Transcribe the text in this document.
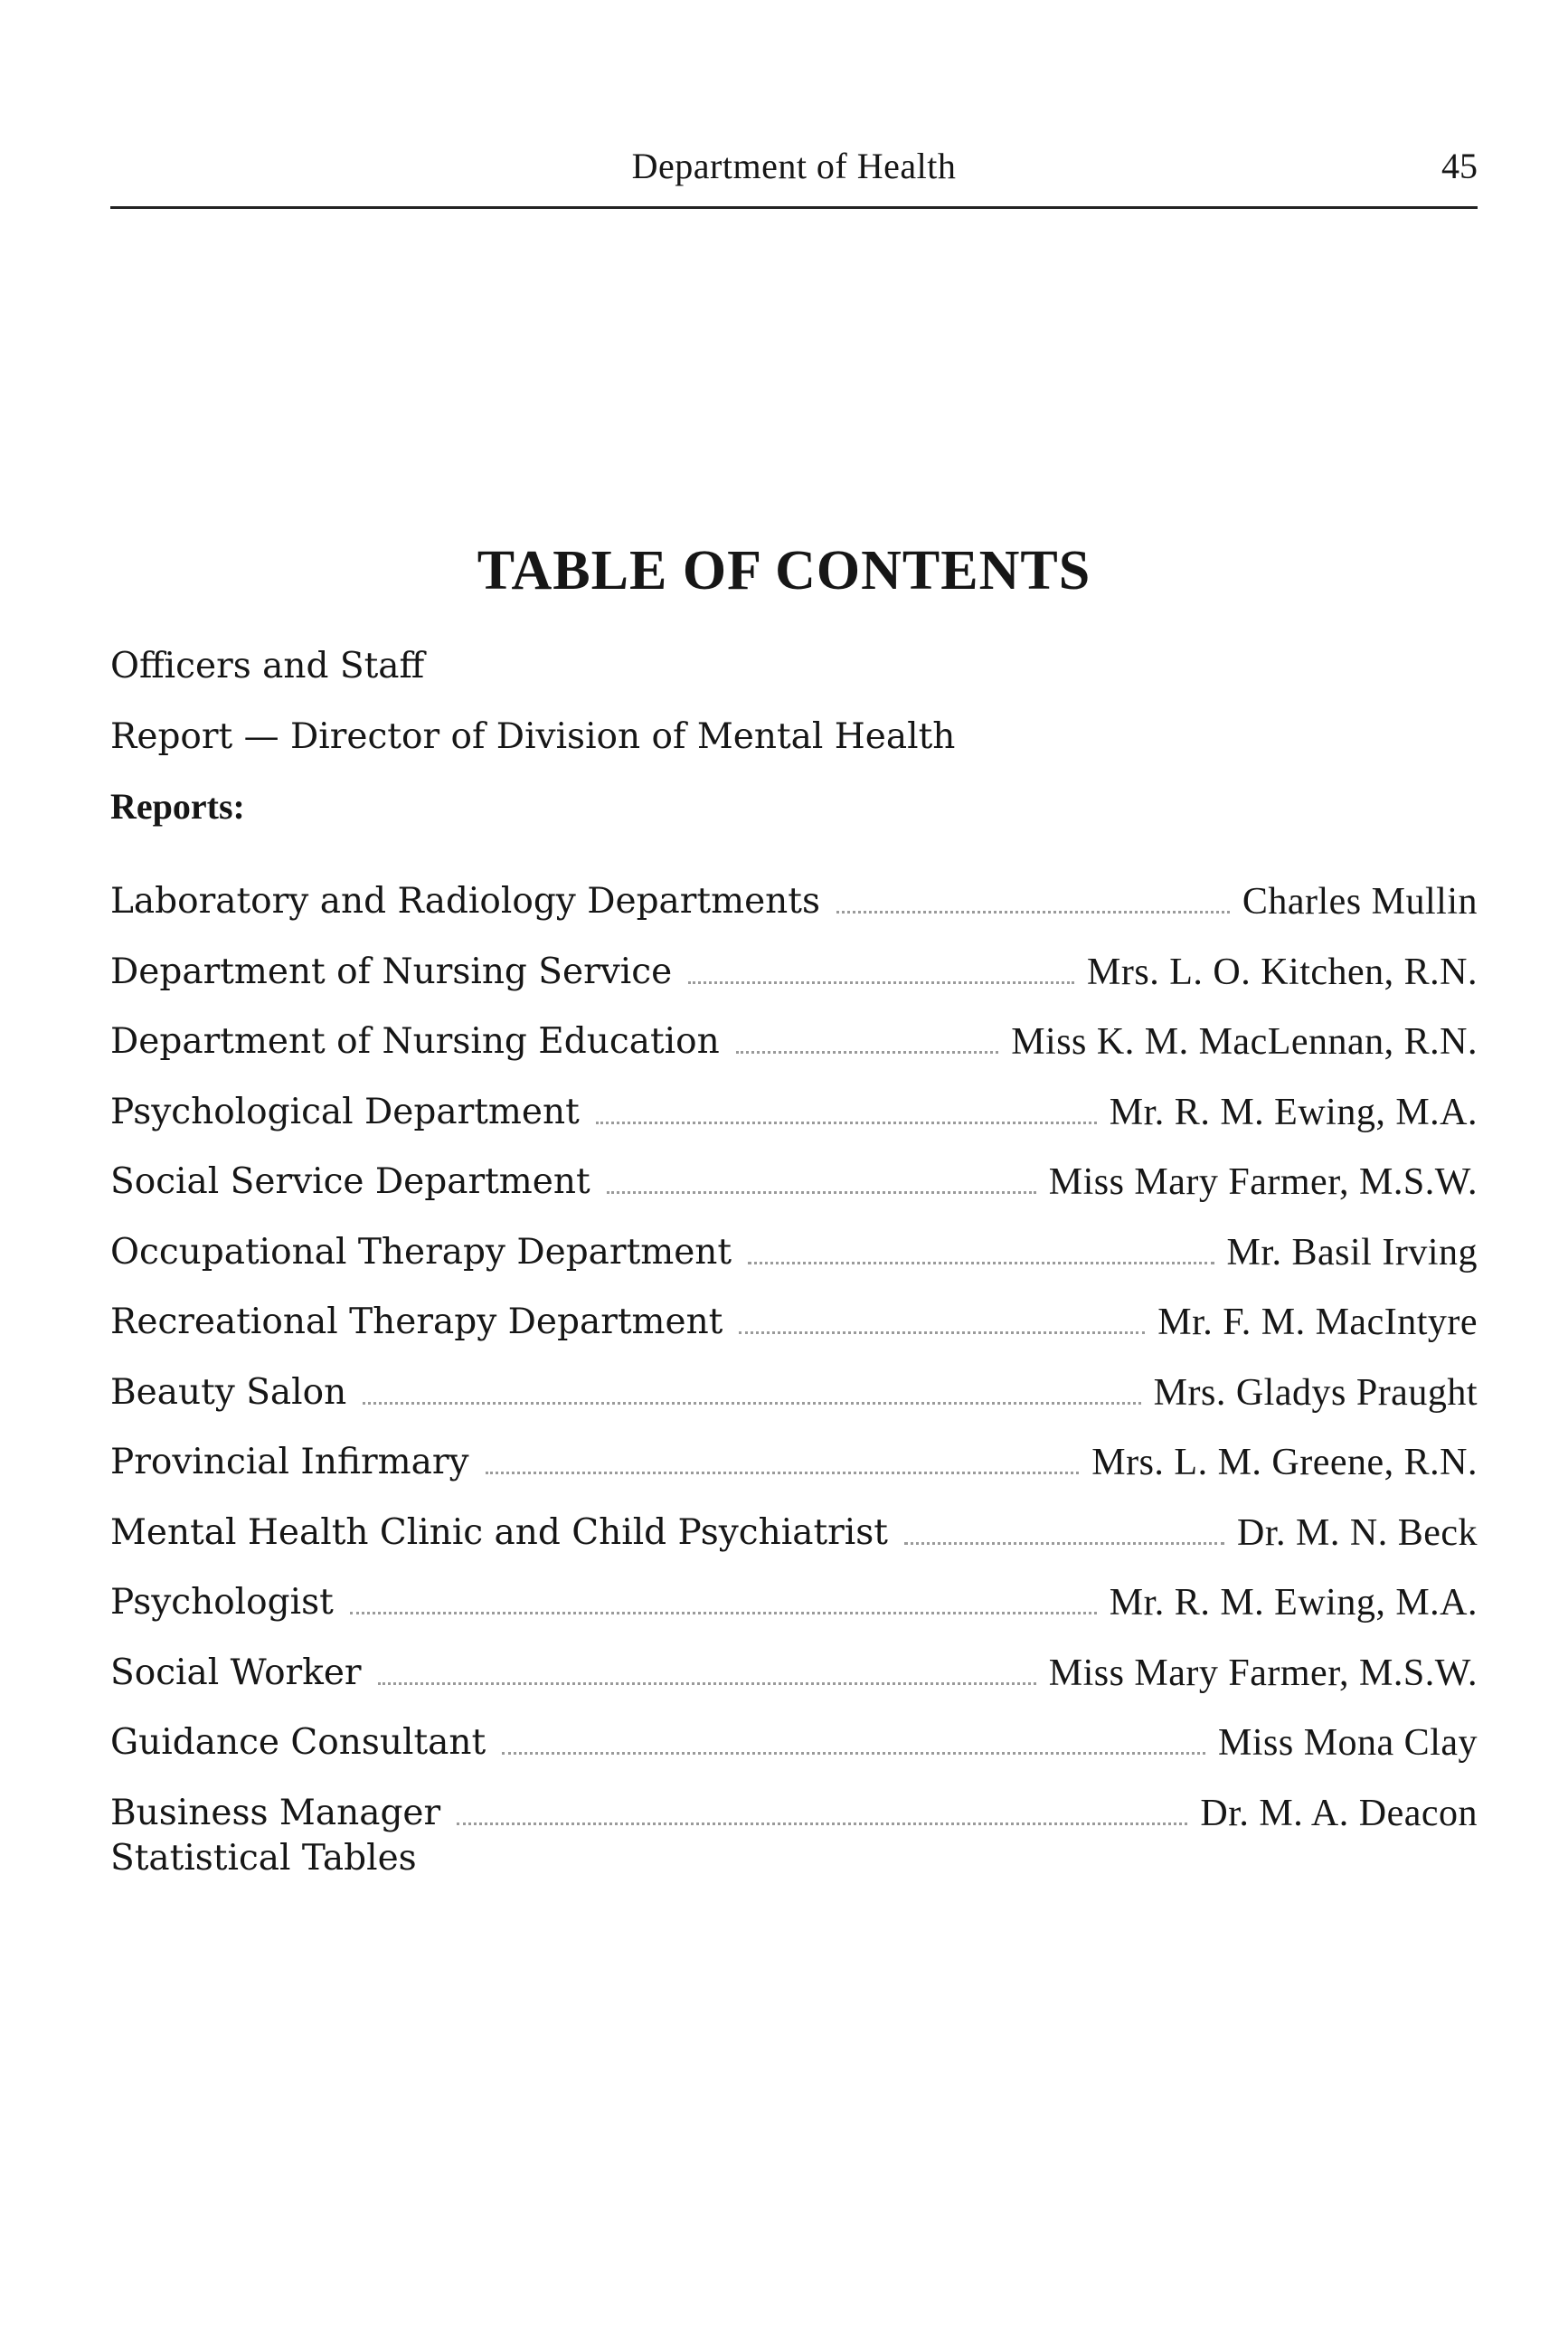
Department of Health	45
TABLE OF CONTENTS
Officers and Staff
Report — Director of Division of Mental Health
Reports:
Laboratory and Radiology Departments	Charles Mullin
Department of Nursing Service	Mrs. L. O. Kitchen, R.N.
Department of Nursing Education	Miss K. M. MacLennan, R.N.
Psychological Department	Mr. R. M. Ewing, M.A.
Social Service Department	Miss Mary Farmer, M.S.W.
Occupational Therapy Department	Mr. Basil Irving
Recreational Therapy Department	Mr. F. M. MacIntyre
Beauty Salon	Mrs. Gladys Praught
Provincial Infirmary	Mrs. L. M. Greene, R.N.
Mental Health Clinic and Child Psychiatrist	Dr. M. N. Beck
Psychologist	Mr. R. M. Ewing, M.A.
Social Worker	Miss Mary Farmer, M.S.W.
Guidance Consultant	Miss Mona Clay
Business Manager	Dr. M. A. Deacon
Statistical Tables
